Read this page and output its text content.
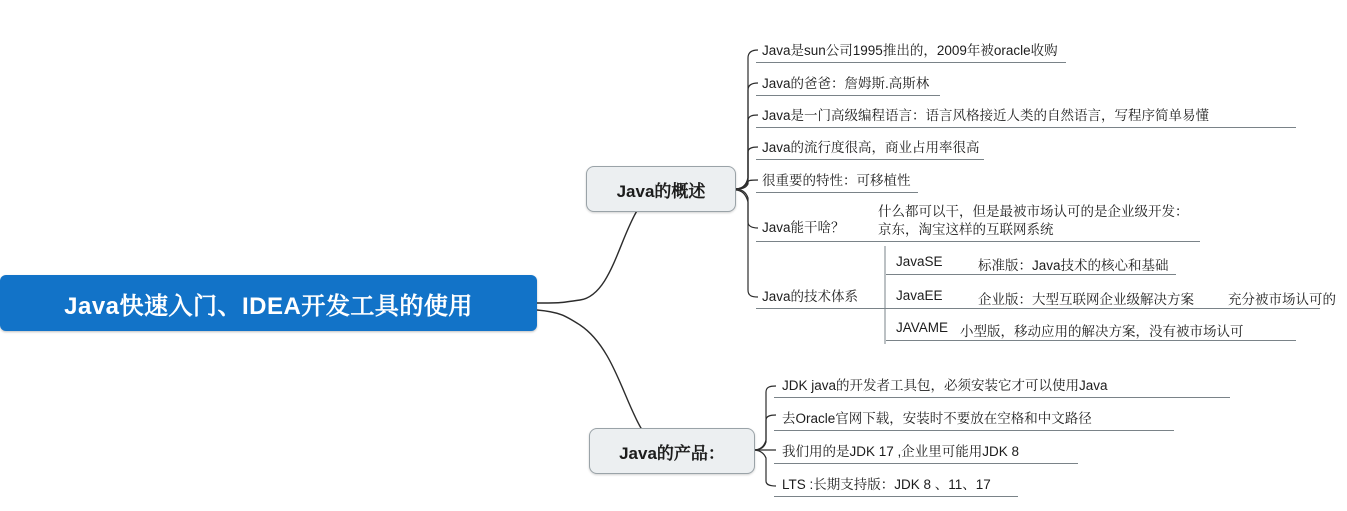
Java快速入门、IDEA开发工具的使用
Java的概述
Java是sun公司1995推出的，2009年被oracle收购
Java的爸爸：詹姆斯.高斯林
Java是一门高级编程语言：语言风格接近人类的自然语言，写程序简单易懂
Java的流行度很高，商业占用率很高
很重要的特性：可移植性
Java能干啥？
什么都可以干，但是最被市场认可的是企业级开发：
京东，淘宝这样的互联网系统
Java的技术体系
JavaSE	标准版：Java技术的核心和基础
JavaEE	企业版：大型互联网企业级解决方案	充分被市场认可的
JAVAME 小型版，移动应用的解决方案，没有被市场认可
Java的产品：
JDK java的开发者工具包，必须安装它才可以使用Java
去Oracle官网下载，安装时不要放在空格和中文路径
我们用的是JDK 17 ,企业里可能用JDK 8
LTS :长期支持版：JDK 8 、11、17
